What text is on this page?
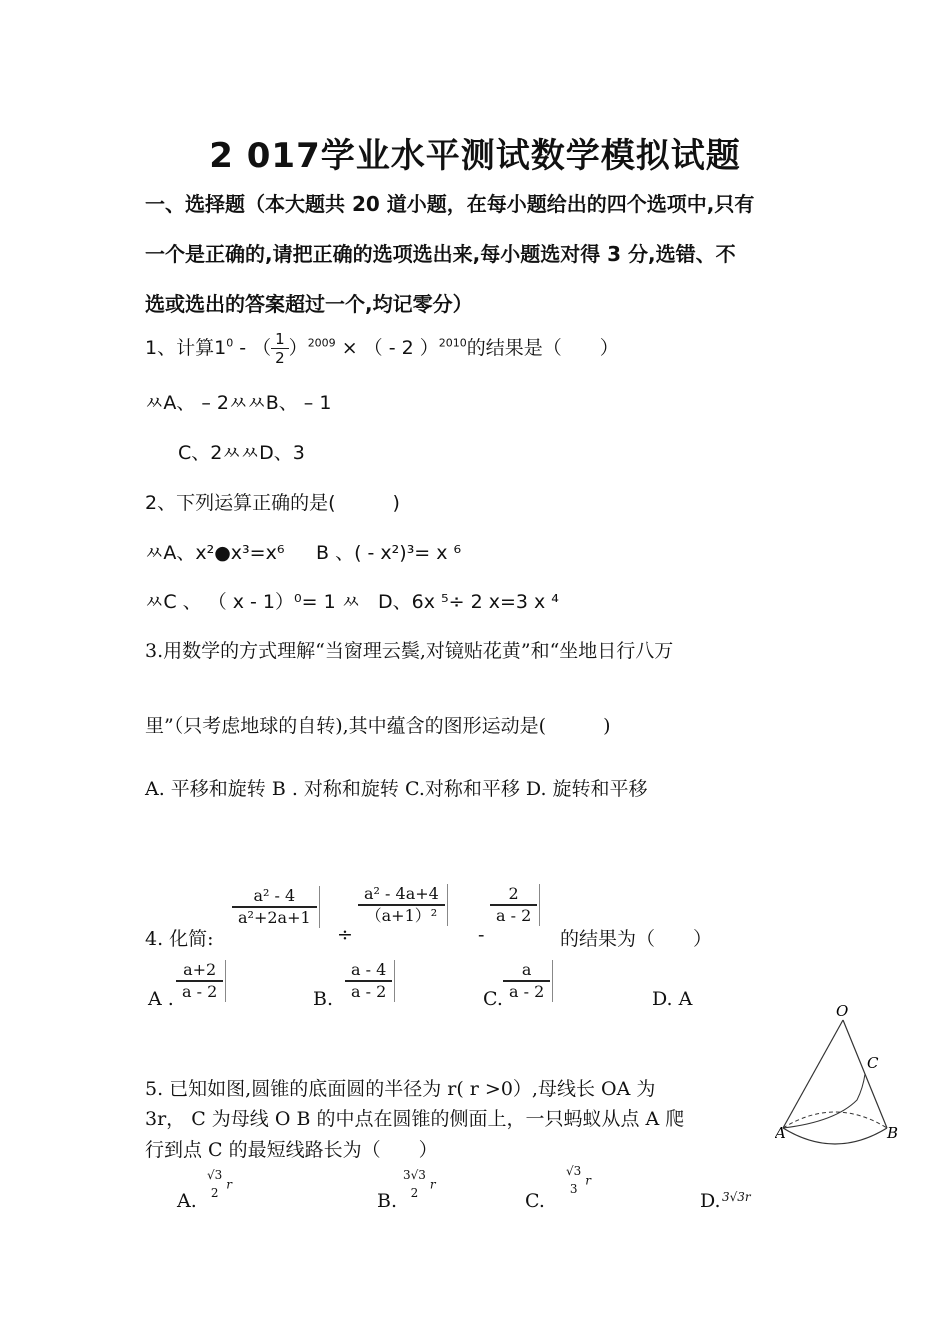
2 017学业水平测试数学模拟试题
一、选择题（本大题共 20 道小题，在每小题给出的四个选项中,只有
一个是正确的,请把正确的选项选出来,每小题选对得 3 分,选错、不
选或选出的答案超过一个,均记零分）
1、计算$1^0$ - （ $\frac{1}{2} )^{2009}$ × （ - 2 ）$^{2010}$的结果是（　　）
ﾶA、 – 2ﾶﾶB、 – 1
C、2ﾶﾶD、3
2、下列运算正确的是(　　　)
ﾶA、x²●x³=x⁶ B 、( - x²)³= x ⁶
ﾶC 、 （ x - 1）⁰= 1 ﾶ D、6x ⁵÷ 2 x=3 x ⁴
3.用数学的方式理解“当窗理云鬓,对镜贴花黄”和“坐地日行八万
里”（只考虑地球的自转),其中蕴含的图形运动是(　　　)
A. 平移和旋转 B . 对称和旋转 C.对称和平移 D. 旋转和平移
4. 化简:
$\frac{\text{a² - 4}}{\text{a²+2a+1}}$
÷
$\frac{\text{a² - 4a+4}}{\text{（a+1）²}}$
-
$\frac{2}{a - 2}$
的结果为（　　）
A . $\frac{a+2}{a - 2}$	B. $\frac{a - 4}{a - 2}$	C. $\frac{a}{a - 2}$	D. A
5. 已知如图,圆锥的底面圆的半径为 r( r >0）,母线长 OA 为
3r， C 为母线 O B 的中点在圆锥的侧面上，一只蚂蚁从点 A 爬
行到点 C 的最短线路长为（　　）
A.
√3
2
r
B.
3√3
2
r
C.
√3
3
r
D. 3√3r
O
C
A	B
